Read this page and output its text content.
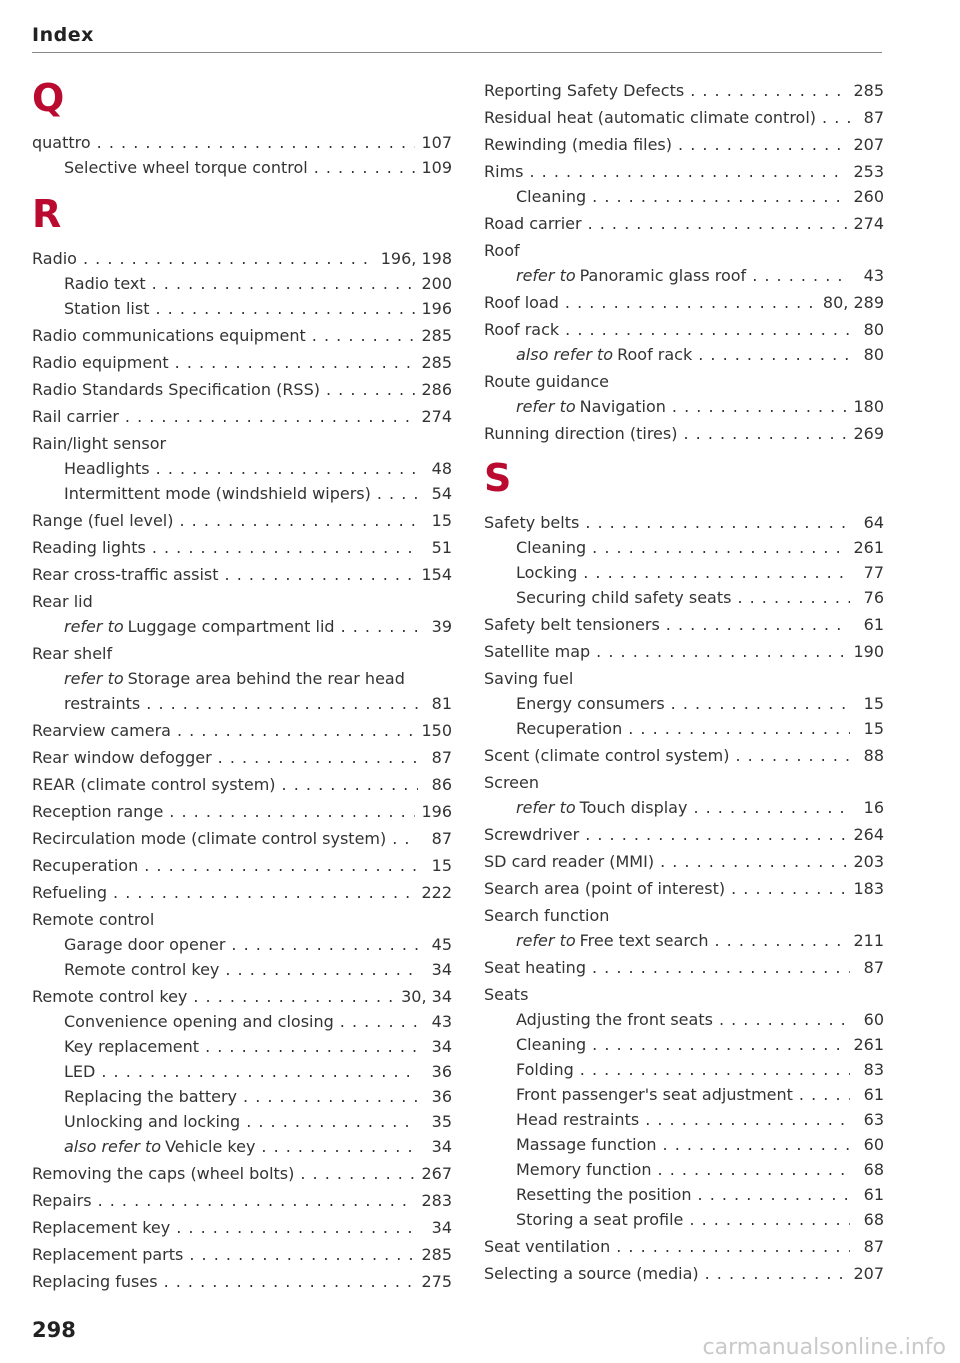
Index
Q
quattro . . .	107
Selective wheel torque control . . .	109
R
Radio . . .	196, 198
Radio text . . .	200
Station list . . .	196
Radio communications equipment . . .	285
Radio equipment . . .	285
Radio Standards Specification (RSS) . . .	286
Rail carrier . . .	274
Rain/light sensor
Headlights . . .	48
Intermittent mode (windshield wipers) . . .	54
Range (fuel level) . . .	15
Reading lights . . .	51
Rear cross-traffic assist . . .	154
Rear lid
refer to Luggage compartment lid . . .	39
Rear shelf
refer to Storage area behind the rear head
restraints . . .	81
Rearview camera . . .	150
Rear window defogger . . .	87
REAR (climate control system) . . .	86
Reception range . . .	196
Recirculation mode (climate control system) . . .	87
Recuperation . . .	15
Refueling . . .	222
Remote control
Garage door opener . . .	45
Remote control key . . .	34
Remote control key . . .	30, 34
Convenience opening and closing . . .	43
Key replacement . . .	34
LED . . .	36
Replacing the battery . . .	36
Unlocking and locking . . .	35
also refer to Vehicle key . . .	34
Removing the caps (wheel bolts) . . .	267
Repairs . . .	283
Replacement key . . .	34
Replacement parts . . .	285
Replacing fuses . . .	275
Reporting Safety Defects . . .	285
Residual heat (automatic climate control) . . .	87
Rewinding (media files) . . .	207
Rims . . .	253
Cleaning . . .	260
Road carrier . . .	274
Roof
refer to Panoramic glass roof . . .	43
Roof load . . .	80, 289
Roof rack . . .	80
also refer to Roof rack . . .	80
Route guidance
refer to Navigation . . .	180
Running direction (tires) . . .	269
S
Safety belts . . .	64
Cleaning . . .	261
Locking . . .	77
Securing child safety seats . . .	76
Safety belt tensioners . . .	61
Satellite map . . .	190
Saving fuel
Energy consumers . . .	15
Recuperation . . .	15
Scent (climate control system) . . .	88
Screen
refer to Touch display . . .	16
Screwdriver . . .	264
SD card reader (MMI) . . .	203
Search area (point of interest) . . .	183
Search function
refer to Free text search . . .	211
Seat heating . . .	87
Seats
Adjusting the front seats . . .	60
Cleaning . . .	261
Folding . . .	83
Front passenger's seat adjustment . . .	61
Head restraints . . .	63
Massage function . . .	60
Memory function . . .	68
Resetting the position . . .	61
Storing a seat profile . . .	68
Seat ventilation . . .	87
Selecting a source (media) . . .	207
298
carmanualsonline.info
